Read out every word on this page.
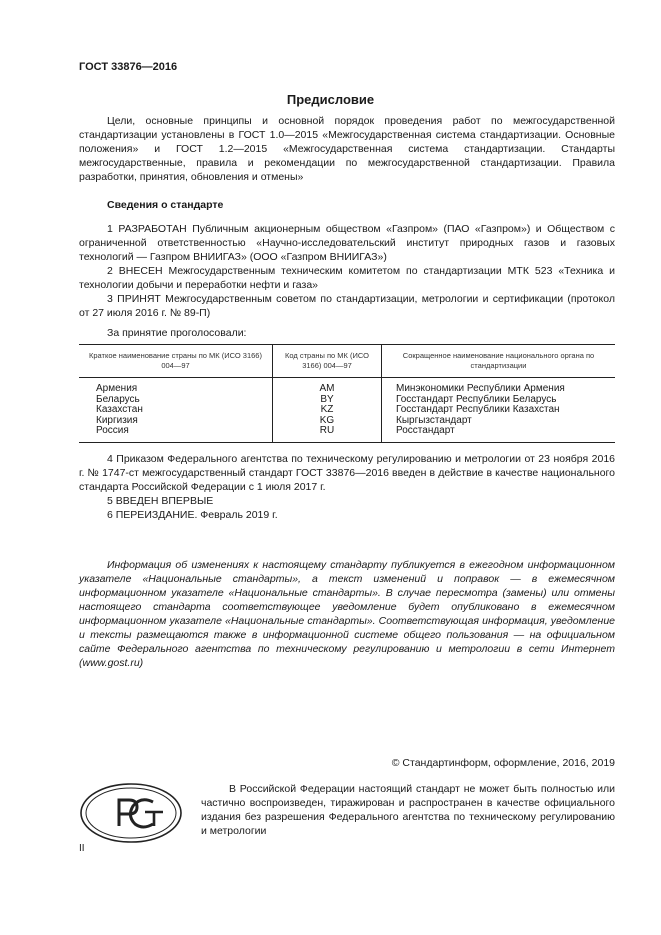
ГОСТ 33876—2016
Предисловие

Цели, основные принципы и основной порядок проведения работ по межгосударственной стандартизации установлены в ГОСТ 1.0—2015 «Межгосударственная система стандартизации. Основные положения» и ГОСТ 1.2—2015 «Межгосударственная система стандартизации. Стандарты межгосударственные, правила и рекомендации по межгосударственной стандартизации. Правила разработки, принятия, обновления и отмены»

Сведения о стандарте

1 РАЗРАБОТАН Публичным акционерным обществом «Газпром» (ПАО «Газпром») и Обществом с ограниченной ответственностью «Научно-исследовательский институт природных газов и газовых технологий — Газпром ВНИИГАЗ» (ООО «Газпром ВНИИГАЗ»)

2 ВНЕСЕН Межгосударственным техническим комитетом по стандартизации МТК 523 «Техника и технологии добычи и переработки нефти и газа»

3 ПРИНЯТ Межгосударственным советом по стандартизации, метрологии и сертификации (протокол от 27 июля 2016 г. № 89-П)

За принятие проголосовали:

Краткое наименование страны по МК (ИСО 3166) 004—97	Код страны по МК (ИСО 3166) 004—97	Сокращенное наименование национального органа по стандартизации
Армения	AM	Минэкономики Республики Армения
Беларусь	BY	Госстандарт Республики Беларусь
Казахстан	KZ	Госстандарт Республики Казахстан
Киргизия	KG	Кыргызстандарт
Россия	RU	Росстандарт

4 Приказом Федерального агентства по техническому регулированию и метрологии от 23 ноября 2016 г. № 1747-ст межгосударственный стандарт ГОСТ 33876—2016 введен в действие в качестве национального стандарта Российской Федерации с 1 июля 2017 г.

5 ВВЕДЕН ВПЕРВЫЕ

6 ПЕРЕИЗДАНИЕ. Февраль 2019 г.

Информация об изменениях к настоящему стандарту публикуется в ежегодном информационном указателе «Национальные стандарты», а текст изменений и поправок — в ежемесячном информационном указателе «Национальные стандарты». В случае пересмотра (замены) или отмены настоящего стандарта соответствующее уведомление будет опубликовано в ежемесячном информационном указателе «Национальные стандарты». Соответствующая информация, уведомление и тексты размещаются также в информационной системе общего пользования — на официальном сайте Федерального агентства по техническому регулированию и метрологии в сети Интернет (www.gost.ru)

© Стандартинформ, оформление, 2016, 2019

В Российской Федерации настоящий стандарт не может быть полностью или частично воспроизведен, тиражирован и распространен в качестве официального издания без разрешения Федерального агентства по техническому регулированию и метрологии

II
